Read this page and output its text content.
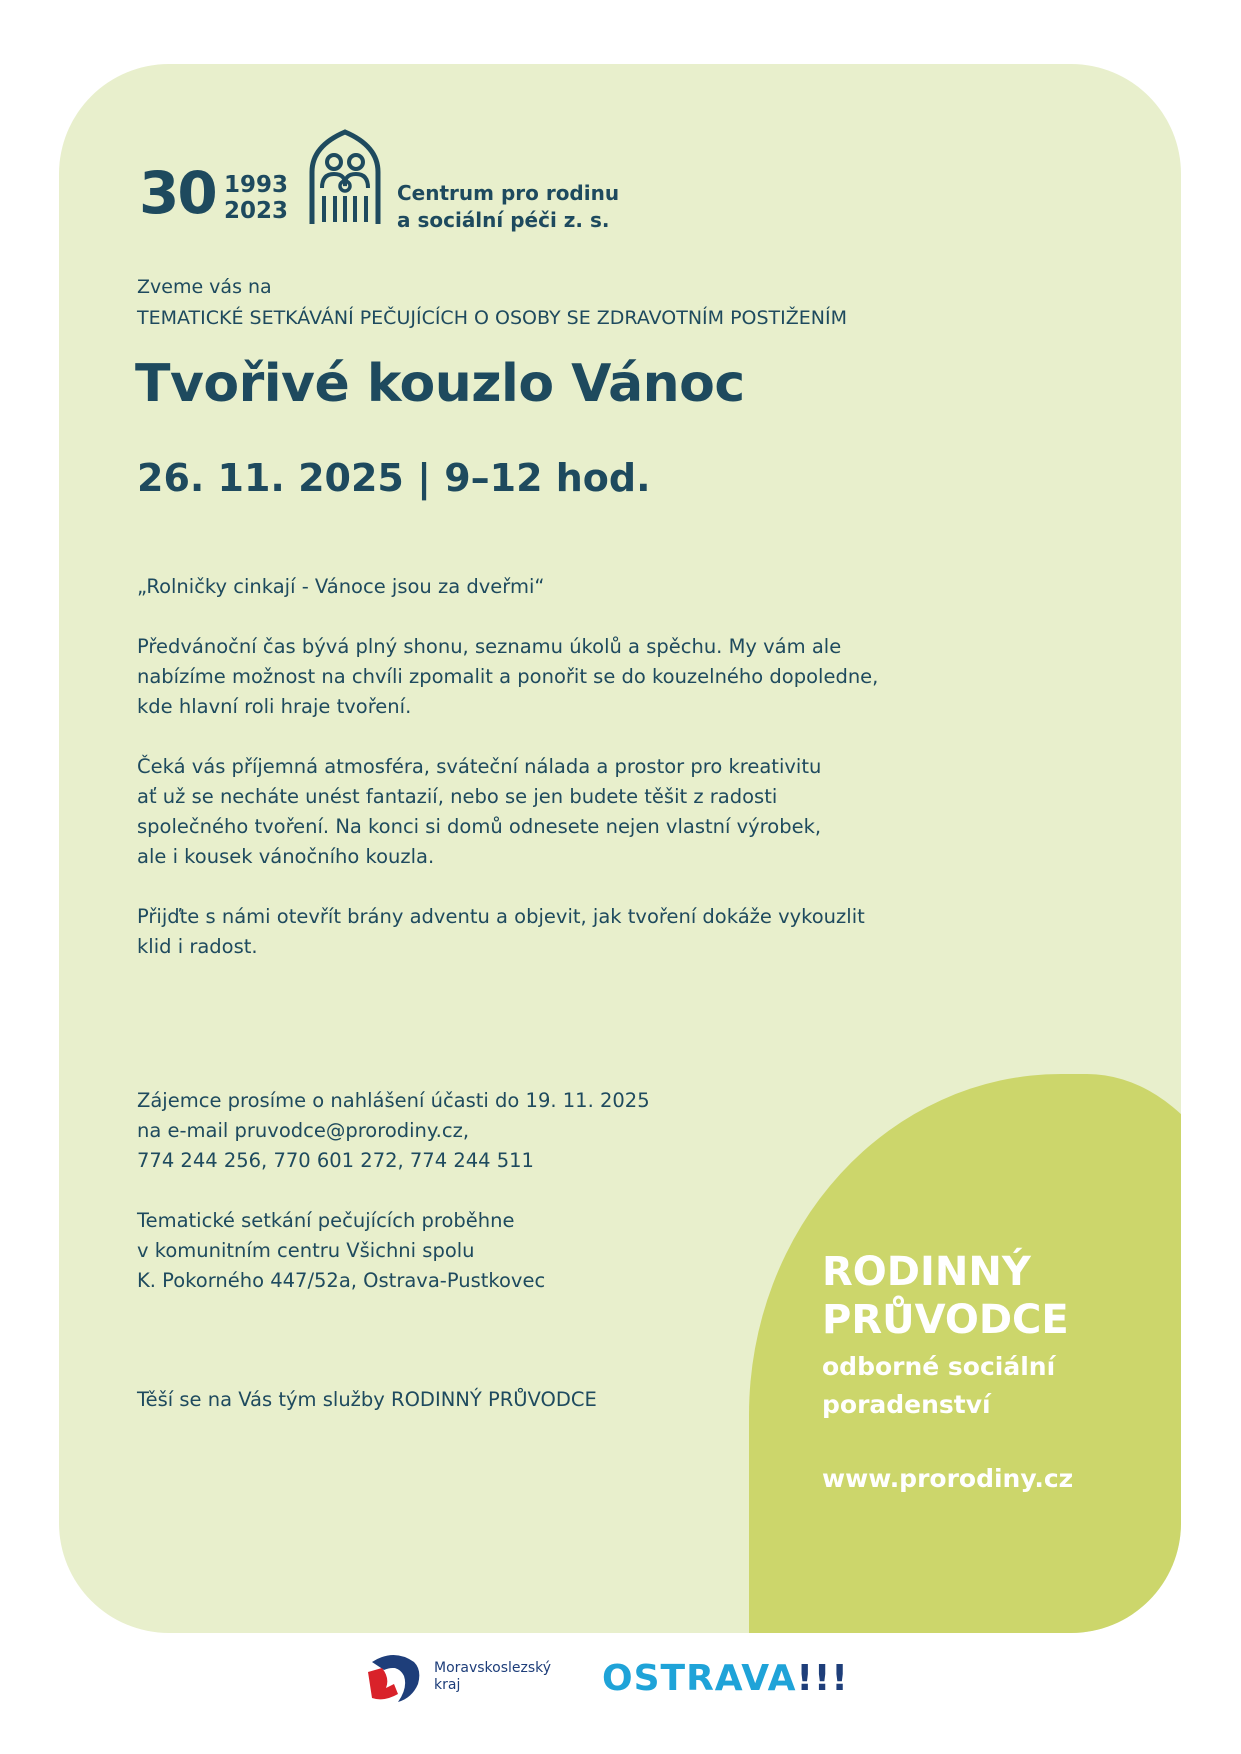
30 1993
2023
Centrum pro rodinu
a sociální péči z. s.
Zveme vás na
TEMATICKÉ SETKÁVÁNÍ PEČUJÍCÍCH O OSOBY SE ZDRAVOTNÍM POSTIŽENÍM
Tvořivé kouzlo Vánoc
26. 11. 2025 | 9–12 hod.

„Rolničky cinkají - Vánoce jsou za dveřmi“

Předvánoční čas bývá plný shonu, seznamu úkolů a spěchu. My vám ale
nabízíme možnost na chvíli zpomalit a ponořit se do kouzelného dopoledne,
kde hlavní roli hraje tvoření.

Čeká vás příjemná atmosféra, sváteční nálada a prostor pro kreativitu
ať už se necháte unést fantazií, nebo se jen budete těšit z radosti
společného tvoření. Na konci si domů odnesete nejen vlastní výrobek,
ale i kousek vánočního kouzla.

Přijďte s námi otevřít brány adventu a objevit, jak tvoření dokáže vykouzlit
klid i radost.

Zájemce prosíme o nahlášení účasti do 19. 11. 2025
na e-mail pruvodce@prorodiny.cz,
774 244 256, 770 601 272, 774 244 511

Tematické setkání pečujících proběhne
v komunitním centru Všichni spolu
K. Pokorného 447/52a, Ostrava-Pustkovec

Těší se na Vás tým služby RODINNÝ PRŮVODCE
RODINNÝ
PRŮVODCE
odborné sociální
poradenství
www.prorodiny.cz
Moravskoslezský
kraj	OSTRAVA!!!
